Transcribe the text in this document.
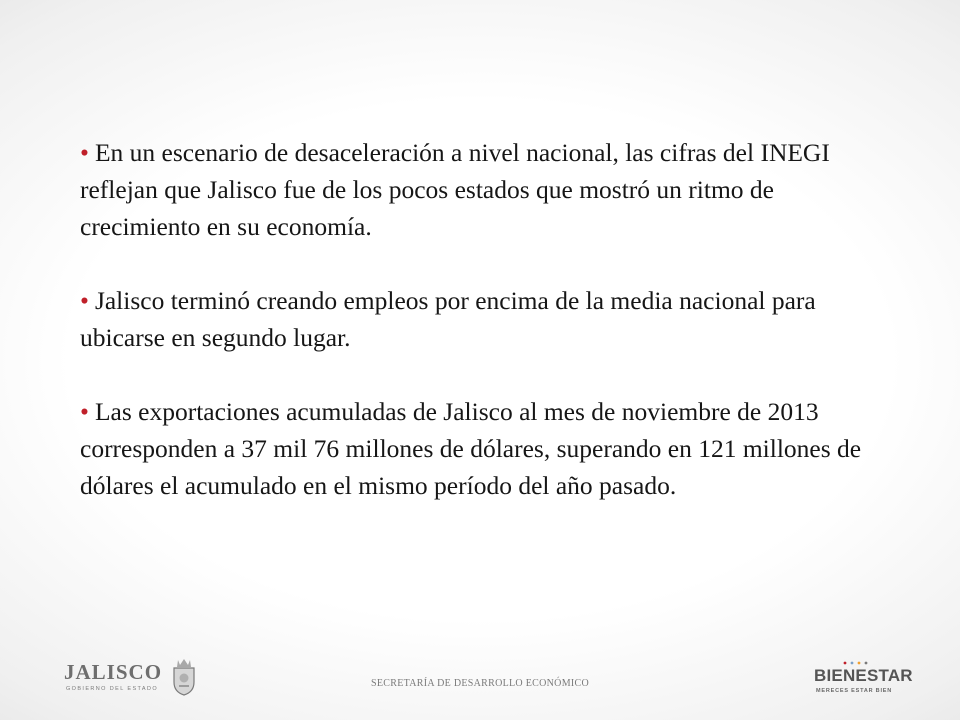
• En un escenario de desaceleración a nivel nacional, las cifras del INEGI reflejan que Jalisco fue de los pocos estados que mostró un ritmo de crecimiento en su economía.
• Jalisco terminó creando empleos por encima de la media nacional para ubicarse en segundo lugar.
• Las exportaciones acumuladas de Jalisco al mes de noviembre de 2013 corresponden a 37 mil 76 millones de dólares, superando en 121 millones de dólares el acumulado en el mismo período del año pasado.
JALISCO
GOBIERNO DEL ESTADO	SECRETARÍA DE DESARROLLO ECONÓMICO	BIENESTAR
MERECES ESTAR BIEN
